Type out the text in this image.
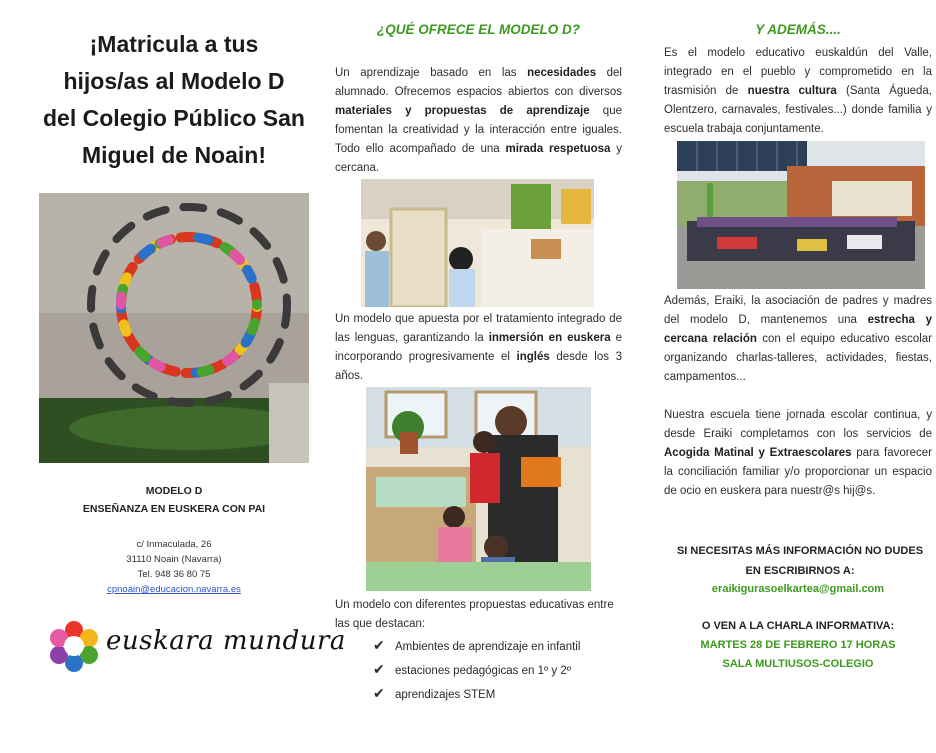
¡Matricula a tus
hijos/as al Modelo D
del Colegio Público San
Miguel de Noain!
MODELO D
ENSEÑANZA EN EUSKERA CON PAI
c/ Inmaculada, 26
31110 Noain (Navarra)
Tel. 948 36 80 75
cpnoain@educacion.navarra.es
euskara mundura
¿QUÉ OFRECE EL MODELO D?
Un aprendizaje basado en las necesidades del alumnado. Ofrecemos espacios abiertos con diversos materiales y propuestas de aprendizaje que fomentan la creatividad y la interacción entre iguales. Todo ello acompañado de una mirada respetuosa y cercana.
Un modelo que apuesta por el tratamiento integrado de las lenguas, garantizando la inmersión en euskera e incorporando progresivamente el inglés desde los 3 años.
Un modelo con diferentes propuestas educativas entre las que destacan:
✔ Ambientes de aprendizaje en infantil
✔ estaciones pedagógicas en 1º y 2º
✔ aprendizajes STEM
Y ADEMÁS....
Es el modelo educativo euskaldún del Valle, integrado en el pueblo y comprometido en la trasmisión de nuestra cultura (Santa Águeda, Olentzero, carnavales, festivales...) donde familia y escuela trabaja conjuntamente.
Además, Eraiki, la asociación de padres y madres del modelo D, mantenemos una estrecha y cercana relación con el equipo educativo escolar organizando charlas-talleres, actividades, fiestas, campamentos...
Nuestra escuela tiene jornada escolar continua, y desde Eraiki completamos con los servicios de Acogida Matinal y Extraescolares para favorecer la conciliación familiar y/o proporcionar un espacio de ocio en euskera para nuestr@s hij@s.
SI NECESITAS MÁS INFORMACIÓN NO DUDES EN ESCRIBIRNOS A:
eraikigurasoelkartea@gmail.com
O VEN A LA CHARLA INFORMATIVA:
MARTES 28 DE FEBRERO 17 HORAS
SALA MULTIUSOS-COLEGIO
